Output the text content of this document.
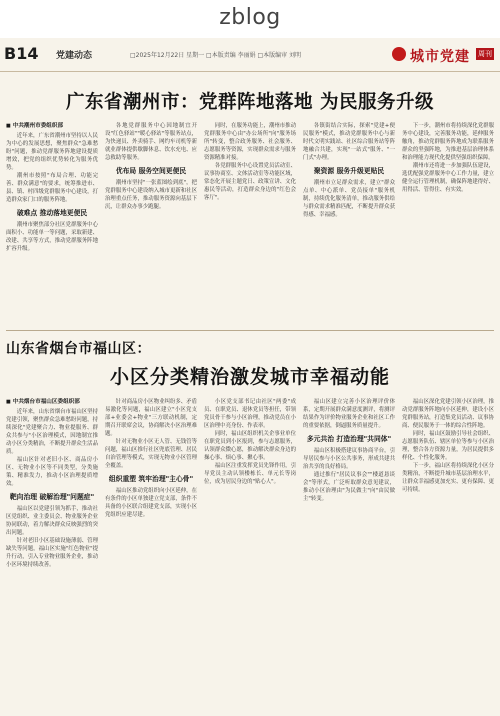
zblog
B14 党建动态	□2025年12月22日 星期一 □本版责编 李丽娟 □本版编审 刘明	城市党建 周刊
广东省潮州市：党群阵地落地 为民服务升级
■ 中共潮州市委组织部

近年来，广东省潮州市坚持以人民为中心的发展思想，聚焦群众"急难愁盼"问题，推动党群服务阵地建设提质增效，把党的组织优势转化为服务优势。

潮州市按照"布局合理、功能完善、群众满意"的要求，统筹推进市、县、镇、村四级党群服务中心建设，打造群众家门口的服务阵地。

破难点 推动落地更便民

潮州市聚焦部分社区党群服务中心面积小、功能单一等问题，采取新建、改建、共享等方式，推动党群服务阵地扩容升级。

各地党群服务中心因地制宜开设"红色驿站""暖心驿站"等服务站点，为快递员、外卖骑手、网约车司机等新就业群体提供歇脚休息、饮水充电、应急救助等服务。

优布局 服务空间更便民

潮州市坚持"一张蓝图绘到底"，把党群服务中心建设纳入城市更新和社区治理重点任务，推动服务资源向基层下沉，让群众办事少跑腿。

同时，在服务功能上，潮州市推动党群服务中心由"办公场所"向"服务场所"转变，整合政务服务、社会服务、志愿服务等资源，实现群众需求与服务资源精准对接。

各党群服务中心设置党员活动室、议事协商室、文体活动室等功能区域，常态化开展主题党日、政策宣讲、文化惠民等活动，打造群众身边的"红色会客厅"。

各镇街结合实际，探索"党建+便民服务"模式，推动党群服务中心与新时代文明实践站、社区综合服务站等阵地融合共建，实现"一站式"服务、"一门式"办理。

聚资源 服务升级更贴民

潮州市立足群众需求，建立"群众点单、中心派单、党员接单"服务机制，持续优化服务清单，推动服务供给与群众需求精准匹配，不断提升群众获得感、幸福感。

下一步，潮州市将持续深化党群服务中心建设，完善服务功能，延伸服务触角，推动党群服务阵地成为联系服务群众的坚强阵地，为推进基层治理体系和治理能力现代化提供坚强组织保障。

潮州市还将进一步加强队伍建设，选优配强党群服务中心工作力量，建立健全运行管理机制，确保阵地建得好、用得活、管得住、有实效。

山东省烟台市福山区：
小区分类精治激发城市幸福动能
■ 中共烟台市福山区委组织部

近年来，山东省烟台市福山区坚持党建引领，聚焦群众急难愁盼问题，持续深化"党建聚合力、物业提服务、群众共参与"小区治理模式，因地制宜推动小区分类精治，不断提升群众生活品质。

福山区针对老旧小区、商品房小区、无物业小区等不同类型，分类施策、精准发力，推动小区治理提质增效。

靶向治理 破解治理"问题症"

福山区以党建引领为抓手，推动社区党组织、业主委员会、物业服务企业协同联动，着力解决群众反映强烈的突出问题。

针对老旧小区基础设施薄弱、管理缺失等问题，福山区实施"红色物业"提升行动，引入专业物业服务企业，推动小区环境持续改善。

针对商品房小区物业纠纷多、矛盾易激化等问题，福山区建立"小区党支部+业委会+物业"三方联动机制，定期召开联席会议，协商解决小区治理难题。

针对无物业小区无人管、无钱管等问题，福山区推行社区兜底管理、居民自治管理等模式，实现无物业小区管理全覆盖。

组织重塑 筑牢治理"主心骨"

福山区推动党组织向小区延伸，在有条件的小区单独建立党支部，条件不具备的小区联合组建党支部，实现小区党组织应建尽建。

小区党支部书记由社区"两委"成员、在职党员、退休党员等担任，带领党员骨干参与小区治理，推动党员在小区治理中亮身份、作表率。

同时，福山区组织机关企事业单位在职党员到小区报到，参与志愿服务，认领群众微心愿，推动解决群众身边的操心事、烦心事、揪心事。

福山区注重发挥党员先锋作用，引导党员主动认领楼栋长、单元长等岗位，成为居民身边的"贴心人"。

福山区建立完善小区治理评价体系，定期开展群众满意度测评，将测评结果作为评价物业服务企业和社区工作的重要依据，倒逼服务质量提升。

多元共治 打造治理"共同体"

福山区积极搭建议事协商平台，引导居民参与小区公共事务，形成共建共治共享的良好格局。

通过推行"居民议事会""楼道恳谈会"等形式，广泛听取群众意见建议，推动小区治理由"为民做主"向"由民做主"转变。

福山区深化党建引领小区治理，推动党群服务阵地向小区延伸，建设小区党群服务站，打造集党员活动、议事协商、便民服务于一体的综合性阵地。

同时，福山区鼓励引导社会组织、志愿服务队伍、辖区单位等参与小区治理，整合各方资源力量，为居民提供多样化、个性化服务。

下一步，福山区将持续深化小区分类精治，不断提升城市基层治理水平，让群众幸福感更加充实、更有保障、更可持续。
